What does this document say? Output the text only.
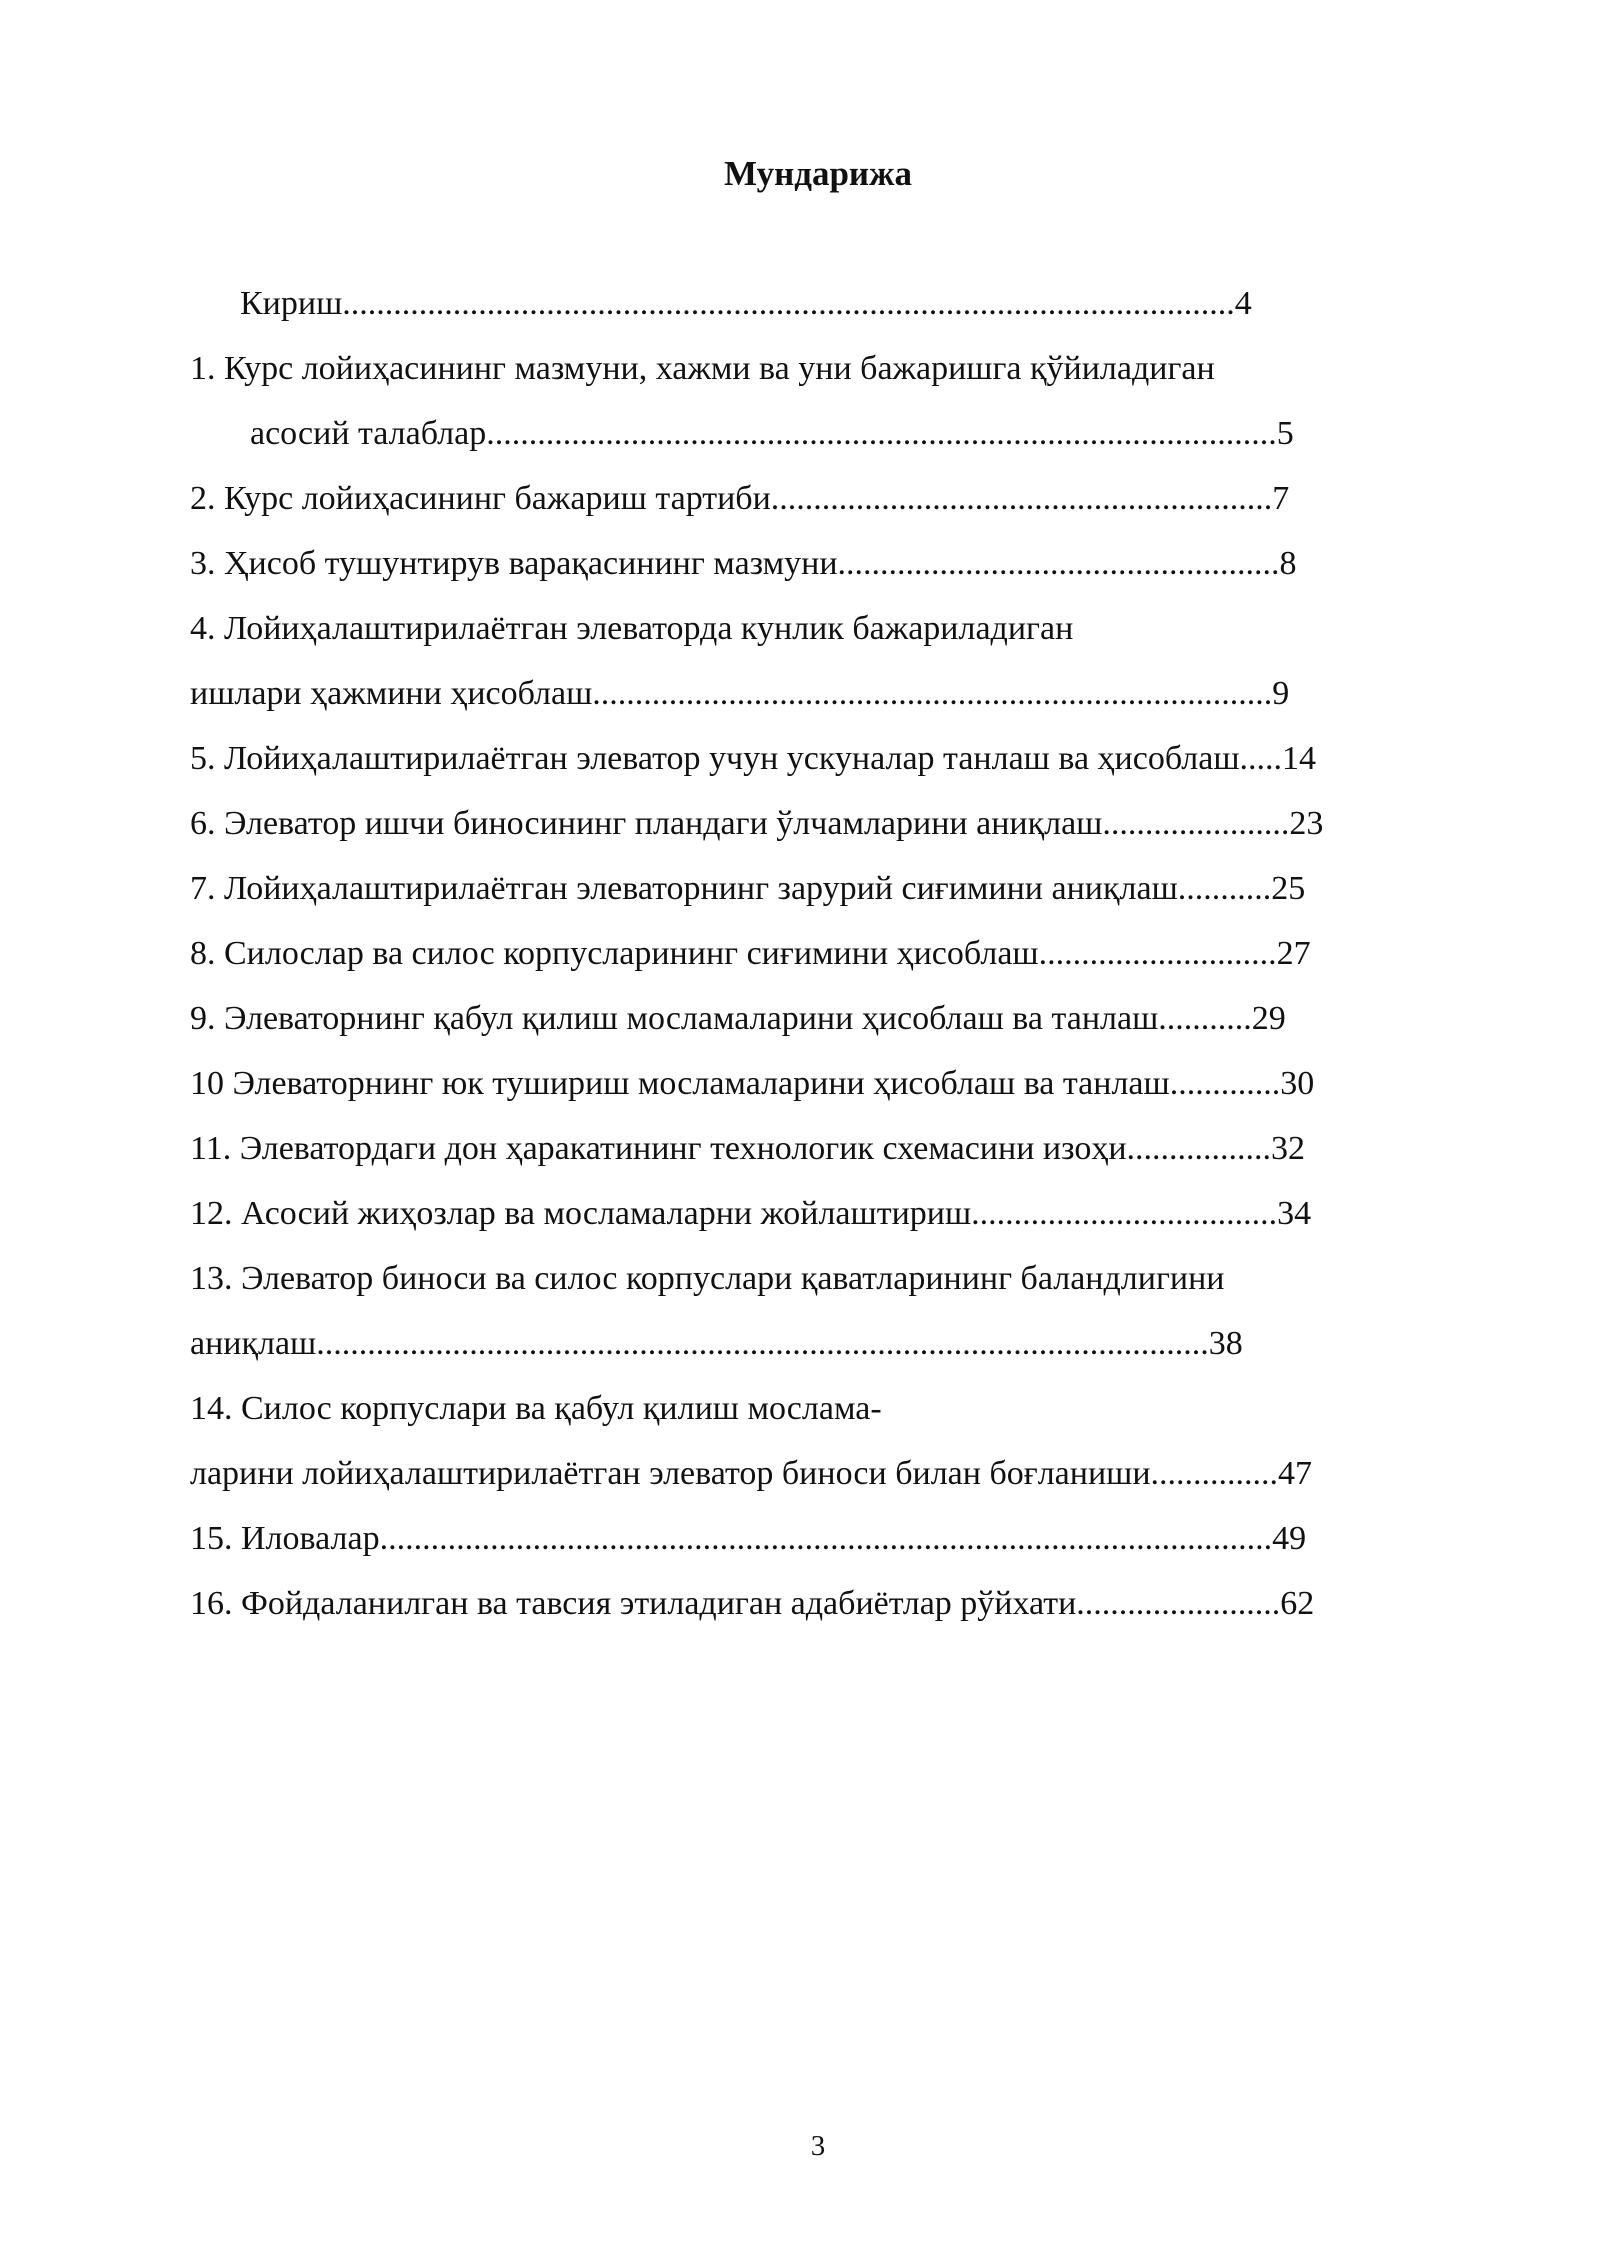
Мундарижа
Кириш.........................................................................................................4
1. Курс лойиҳасининг мазмуни, хажми ва уни бажаришга қўйиладиган
асосий талаблар.............................................................................................5
2. Курс лойиҳасининг бажариш тартиби...........................................................7
3. Ҳисоб тушунтирув варақасининг мазмуни....................................................8
4. Лойиҳалаштирилаётган элеваторда кунлик бажариладиган
ишлари ҳажмини ҳисоблаш................................................................................9
5. Лойиҳалаштирилаётган элеватор учун ускуналар танлаш ва ҳисоблаш.....14
6. Элеватор ишчи биносининг пландаги ўлчамларини аниқлаш......................23
7. Лойиҳалаштирилаётган элеваторнинг зарурий сиғимини аниқлаш...........25
8. Силослар ва силос корпусларининг сиғимини ҳисоблаш............................27
9. Элеваторнинг қабул қилиш мосламаларини ҳисоблаш ва танлаш...........29
10 Элеваторнинг юк тушириш мосламаларини ҳисоблаш ва танлаш.............30
11. Элеватордаги дон ҳаракатининг технологик схемасини изоҳи.................32
12. Асосий жиҳозлар ва мосламаларни жойлаштириш....................................34
13. Элеватор биноси ва силос корпуслари қаватларининг баландлигини
аниқлаш.........................................................................................................38
14. Силос корпуслари ва қабул қилиш мослама-
ларини лойиҳалаштирилаётган элеватор биноси билан боғланиши...............47
15. Иловалар.........................................................................................................49
16. Фойдаланилган ва тавсия этиладиган адабиётлар рўйхати........................62
3
